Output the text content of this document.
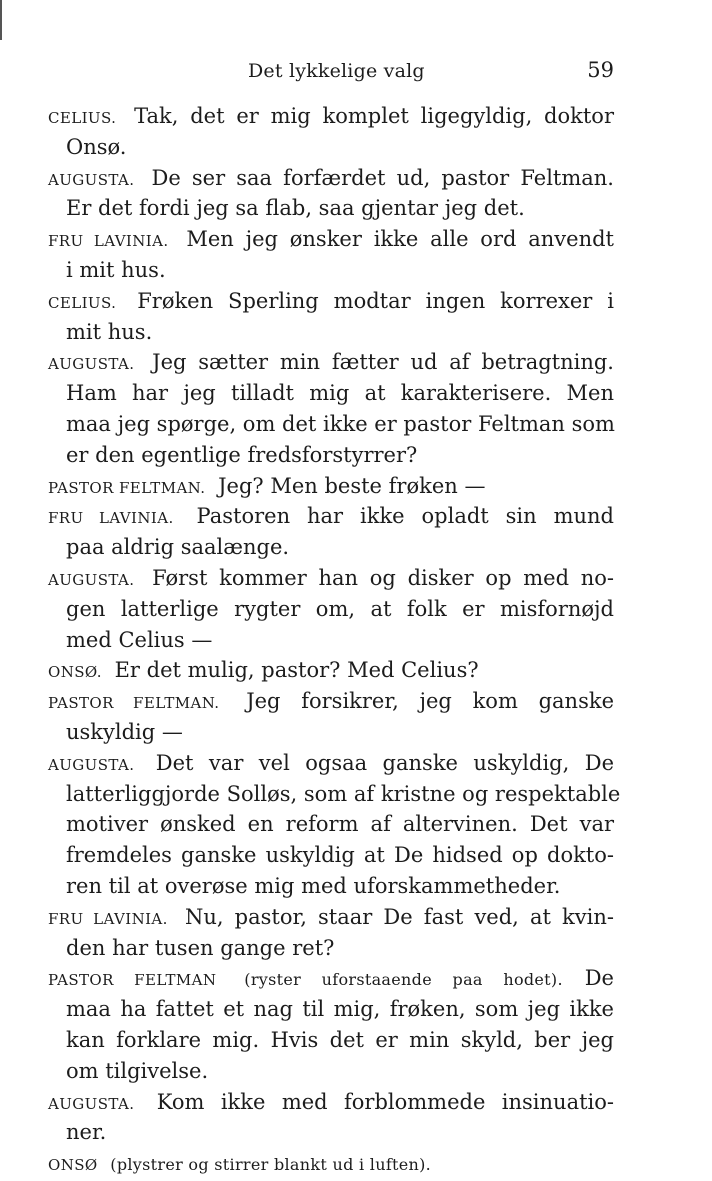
Det lykkelige valg	59
CELIUS. Tak, det er mig komplet ligegyldig, doktor
Onsø.
AUGUSTA. De ser saa forfærdet ud, pastor Feltman.
Er det fordi jeg sa flab, saa gjentar jeg det.
FRU LAVINIA. Men jeg ønsker ikke alle ord anvendt
i mit hus.
CELIUS. Frøken Sperling modtar ingen korrexer i
mit hus.
AUGUSTA. Jeg sætter min fætter ud af betragtning.
Ham har jeg tilladt mig at karakterisere. Men
maa jeg spørge, om det ikke er pastor Feltman som
er den egentlige fredsforstyrrer?
PASTOR FELTMAN. Jeg? Men beste frøken —
FRU LAVINIA. Pastoren har ikke opladt sin mund
paa aldrig saalænge.
AUGUSTA. Først kommer han og disker op med no-
gen latterlige rygter om, at folk er misfornøjd
med Celius —
ONSØ. Er det mulig, pastor? Med Celius?
PASTOR FELTMAN. Jeg forsikrer, jeg kom ganske
uskyldig —
AUGUSTA. Det var vel ogsaa ganske uskyldig, De
latterliggjorde Solløs, som af kristne og respektable
motiver ønsked en reform af altervinen. Det var
fremdeles ganske uskyldig at De hidsed op dokto-
ren til at overøse mig med uforskammetheder.
FRU LAVINIA. Nu, pastor, staar De fast ved, at kvin-
den har tusen gange ret?
PASTOR FELTMAN (ryster uforstaaende paa hodet). De
maa ha fattet et nag til mig, frøken, som jeg ikke
kan forklare mig. Hvis det er min skyld, ber jeg
om tilgivelse.
AUGUSTA. Kom ikke med forblommede insinuatio-
ner.
ONSØ (plystrer og stirrer blankt ud i luften).
